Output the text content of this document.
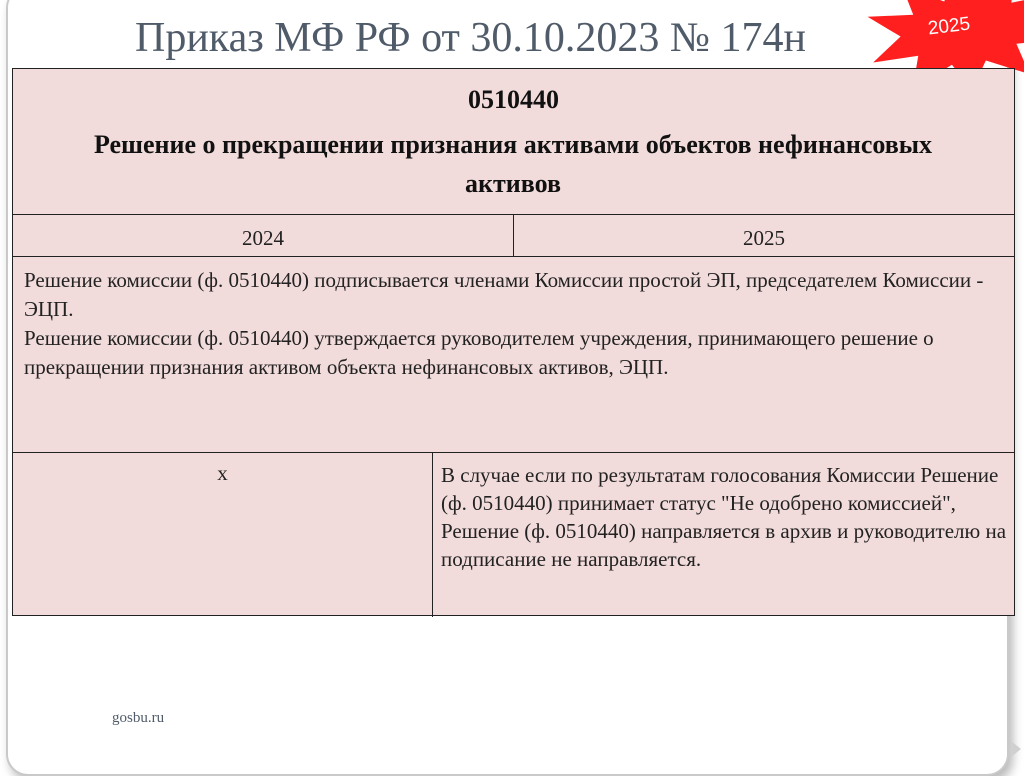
Приказ МФ РФ от 30.10.2023 № 174н	2025
0510440
Решение о прекращении признания активами объектов нефинансовых активов
2024	2025
Решение комиссии (ф. 0510440) подписывается членами Комиссии простой ЭП, председателем Комиссии - ЭЦП.
Решение комиссии (ф. 0510440) утверждается руководителем учреждения, принимающего решение о прекращении признания активом объекта нефинансовых активов, ЭЦП.
x	В случае если по результатам голосования Комиссии Решение (ф. 0510440) принимает статус "Не одобрено комиссией", Решение (ф. 0510440) направляется в архив и руководителю на подписание не направляется.
gosbu.ru
